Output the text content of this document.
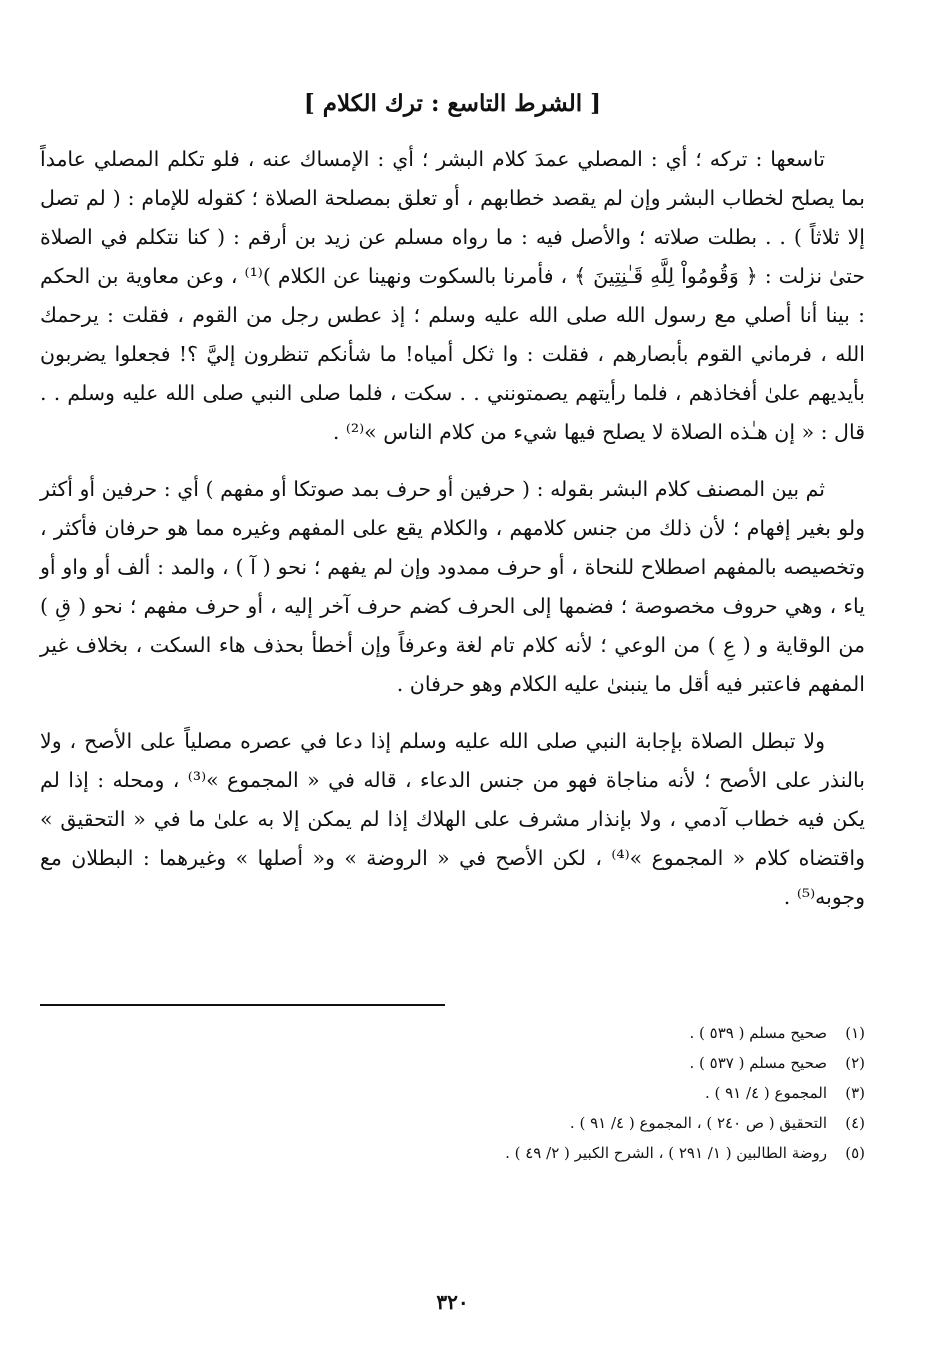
[ الشرط التاسع : ترك الكلام ]

تاسعها : تركه ؛ أي : المصلي عمدَ كلام البشر ؛ أي : الإمساك عنه ، فلو تكلم المصلي عامداً بما يصلح لخطاب البشر وإن لم يقصد خطابهم ، أو تعلق بمصلحة الصلاة ؛ كقوله للإمام : ( لم تصل إلا ثلاثاً ) . . بطلت صلاته ؛ والأصل فيه : ما رواه مسلم عن زيد بن أرقم : ( كنا نتكلم في الصلاة حتىٰ نزلت : ﴿ وَقُومُواْ لِلَّهِ قَـٰنِتِينَ ﴾ ، فأمرنا بالسكوت ونهينا عن الكلام )⁽¹⁾ ، وعن معاوية بن الحكم : بينا أنا أصلي مع رسول الله صلى الله عليه وسلم ؛ إذ عطس رجل من القوم ، فقلت : يرحمك الله ، فرماني القوم بأبصارهم ، فقلت : وا ثكل أمياه! ما شأنكم تنظرون إليَّ ؟! فجعلوا يضربون بأيديهم علىٰ أفخاذهم ، فلما رأيتهم يصمتونني . . سكت ، فلما صلى النبي صلى الله عليه وسلم . . قال : « إن هـٰذه الصلاة لا يصلح فيها شيء من كلام الناس »⁽²⁾ .

ثم بين المصنف كلام البشر بقوله : ( حرفين أو حرف بمد صوتكا أو مفهم ) أي : حرفين أو أكثر ولو بغير إفهام ؛ لأن ذلك من جنس كلامهم ، والكلام يقع على المفهم وغيره مما هو حرفان فأكثر ، وتخصيصه بالمفهم اصطلاح للنحاة ، أو حرف ممدود وإن لم يفهم ؛ نحو ( آ ) ، والمد : ألف أو واو أو ياء ، وهي حروف مخصوصة ؛ فضمها إلى الحرف كضم حرف آخر إليه ، أو حرف مفهم ؛ نحو ( قِ ) من الوقاية و ( عِ ) من الوعي ؛ لأنه كلام تام لغة وعرفاً وإن أخطأ بحذف هاء السكت ، بخلاف غير المفهم فاعتبر فيه أقل ما ينبنىٰ عليه الكلام وهو حرفان .

ولا تبطل الصلاة بإجابة النبي صلى الله عليه وسلم إذا دعا في عصره مصلياً على الأصح ، ولا بالنذر على الأصح ؛ لأنه مناجاة فهو من جنس الدعاء ، قاله في « المجموع »⁽³⁾ ، ومحله : إذا لم يكن فيه خطاب آدمي ، ولا بإنذار مشرف على الهلاك إذا لم يمكن إلا به علىٰ ما في « التحقيق » واقتضاه كلام « المجموع »⁽⁴⁾ ، لكن الأصح في « الروضة » و« أصلها » وغيرهما : البطلان مع وجوبه⁽⁵⁾ .

(١)
صحيح مسلم ( ٥٣٩ ) .
(٢)
صحيح مسلم ( ٥٣٧ ) .
(٣)
المجموع ( ٤/ ٩١ ) .
(٤)
التحقيق ( ص ٢٤٠ ) ، المجموع ( ٤/ ٩١ ) .
(٥)
روضة الطالبين ( ١/ ٢٩١ ) ، الشرح الكبير ( ٢/ ٤٩ ) .
٣٢٠
